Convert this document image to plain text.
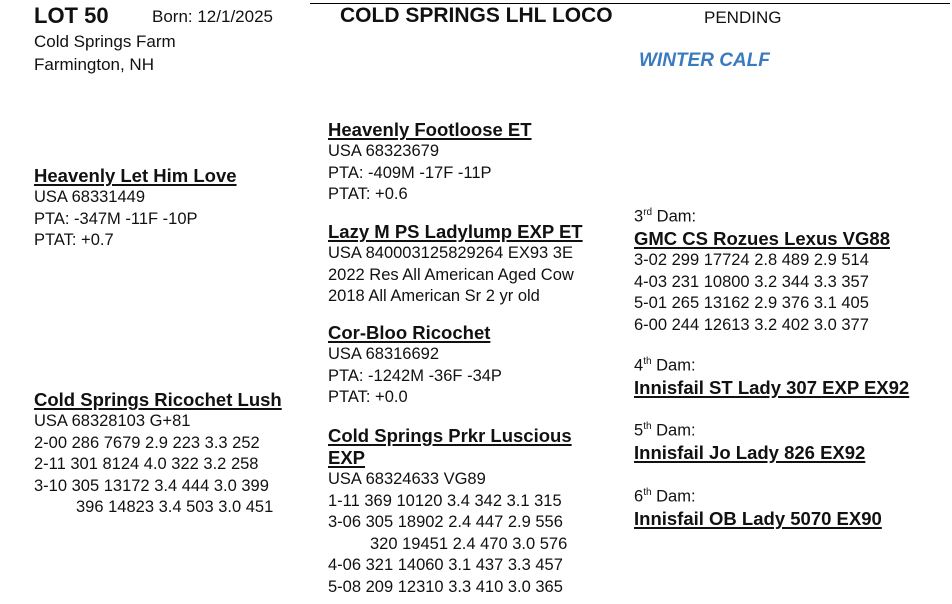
LOT 50	Born: 12/1/2025	COLD SPRINGS LHL LOCO	PENDING
Cold Springs Farm
Farmington, NH	WINTER CALF
Heavenly Let Him Love
USA 68331449
PTA: -347M -11F -10P
PTAT: +0.7
Cold Springs Ricochet Lush
USA 68328103 G+81
2-00 286 7679 2.9 223 3.3 252
2-11 301 8124 4.0 322 3.2 258
3-10 305 13172 3.4 444 3.0 399
396 14823 3.4 503 3.0 451
Heavenly Footloose ET
USA 68323679
PTA: -409M -17F -11P
PTAT: +0.6
Lazy M PS Ladylump EXP ET
USA 840003125829264 EX93 3E
2022 Res All American Aged Cow
2018 All American Sr 2 yr old
Cor-Bloo Ricochet
USA 68316692
PTA: -1242M -36F -34P
PTAT: +0.0
Cold Springs Prkr Luscious
EXP
USA 68324633 VG89
1-11 369 10120 3.4 342 3.1 315
3-06 305 18902 2.4 447 2.9 556
320 19451 2.4 470 3.0 576
4-06 321 14060 3.1 437 3.3 457
5-08 209 12310 3.3 410 3.0 365
3rd Dam:
GMC CS Rozues Lexus VG88
3-02 299 17724 2.8 489 2.9 514
4-03 231 10800 3.2 344 3.3 357
5-01 265 13162 2.9 376 3.1 405
6-00 244 12613 3.2 402 3.0 377
4th Dam:
Innisfail ST Lady 307 EXP EX92
5th Dam:
Innisfail Jo Lady 826 EX92
6th Dam:
Innisfail OB Lady 5070 EX90
